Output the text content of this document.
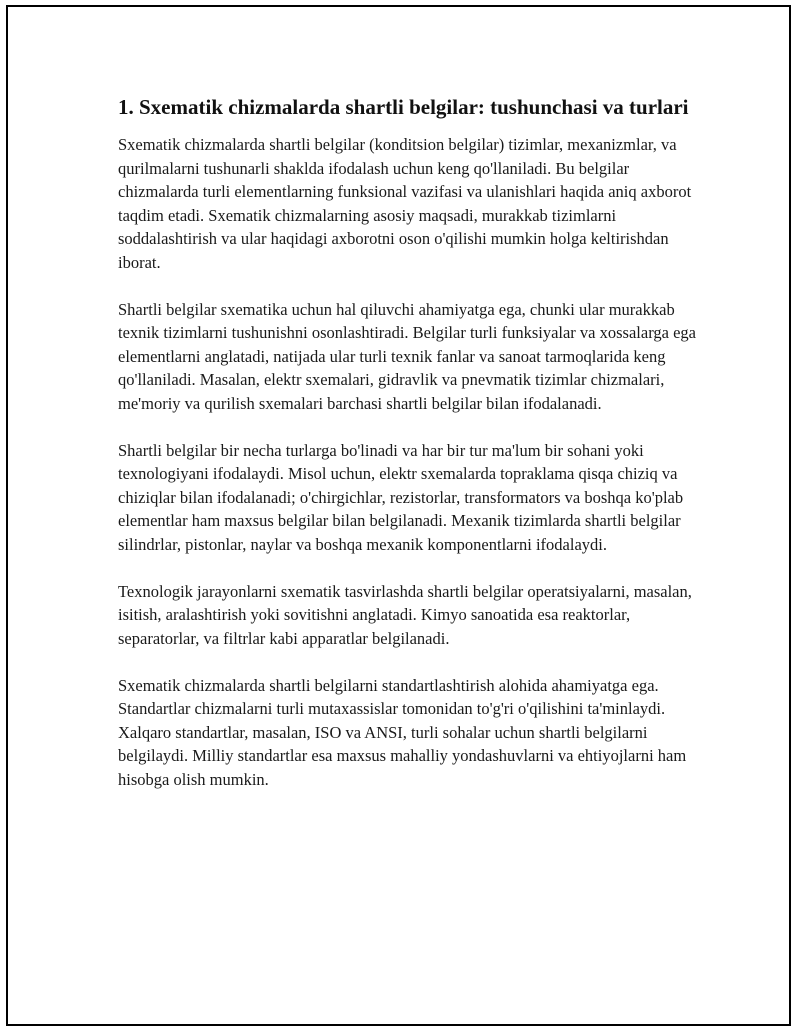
1. Sxematik chizmalarda shartli belgilar: tushunchasi va turlari

Sxematik chizmalarda shartli belgilar (konditsion belgilar) tizimlar, mexanizmlar, va qurilmalarni tushunarli shaklda ifodalash uchun keng qo'llaniladi. Bu belgilar chizmalarda turli elementlarning funksional vazifasi va ulanishlari haqida aniq axborot taqdim etadi. Sxematik chizmalarning asosiy maqsadi, murakkab tizimlarni soddalashtirish va ular haqidagi axborotni oson o'qilishi mumkin holga keltirishdan iborat.

Shartli belgilar sxematika uchun hal qiluvchi ahamiyatga ega, chunki ular murakkab texnik tizimlarni tushunishni osonlashtiradi. Belgilar turli funksiyalar va xossalarga ega elementlarni anglatadi, natijada ular turli texnik fanlar va sanoat tarmoqlarida keng qo'llaniladi. Masalan, elektr sxemalari, gidravlik va pnevmatik tizimlar chizmalari, me'moriy va qurilish sxemalari barchasi shartli belgilar bilan ifodalanadi.

Shartli belgilar bir necha turlarga bo'linadi va har bir tur ma'lum bir sohani yoki texnologiyani ifodalaydi. Misol uchun, elektr sxemalarda topraklama qisqa chiziq va chiziqlar bilan ifodalanadi; o'chirgichlar, rezistorlar, transformators va boshqa ko'plab elementlar ham maxsus belgilar bilan belgilanadi. Mexanik tizimlarda shartli belgilar silindrlar, pistonlar, naylar va boshqa mexanik komponentlarni ifodalaydi.

Texnologik jarayonlarni sxematik tasvirlashda shartli belgilar operatsiyalarni, masalan, isitish, aralashtirish yoki sovitishni anglatadi. Kimyo sanoatida esa reaktorlar, separatorlar, va filtrlar kabi apparatlar belgilanadi.

Sxematik chizmalarda shartli belgilarni standartlashtirish alohida ahamiyatga ega. Standartlar chizmalarni turli mutaxassislar tomonidan to'g'ri o'qilishini ta'minlaydi. Xalqaro standartlar, masalan, ISO va ANSI, turli sohalar uchun shartli belgilarni belgilaydi. Milliy standartlar esa maxsus mahalliy yondashuvlarni va ehtiyojlarni ham hisobga olish mumkin.
